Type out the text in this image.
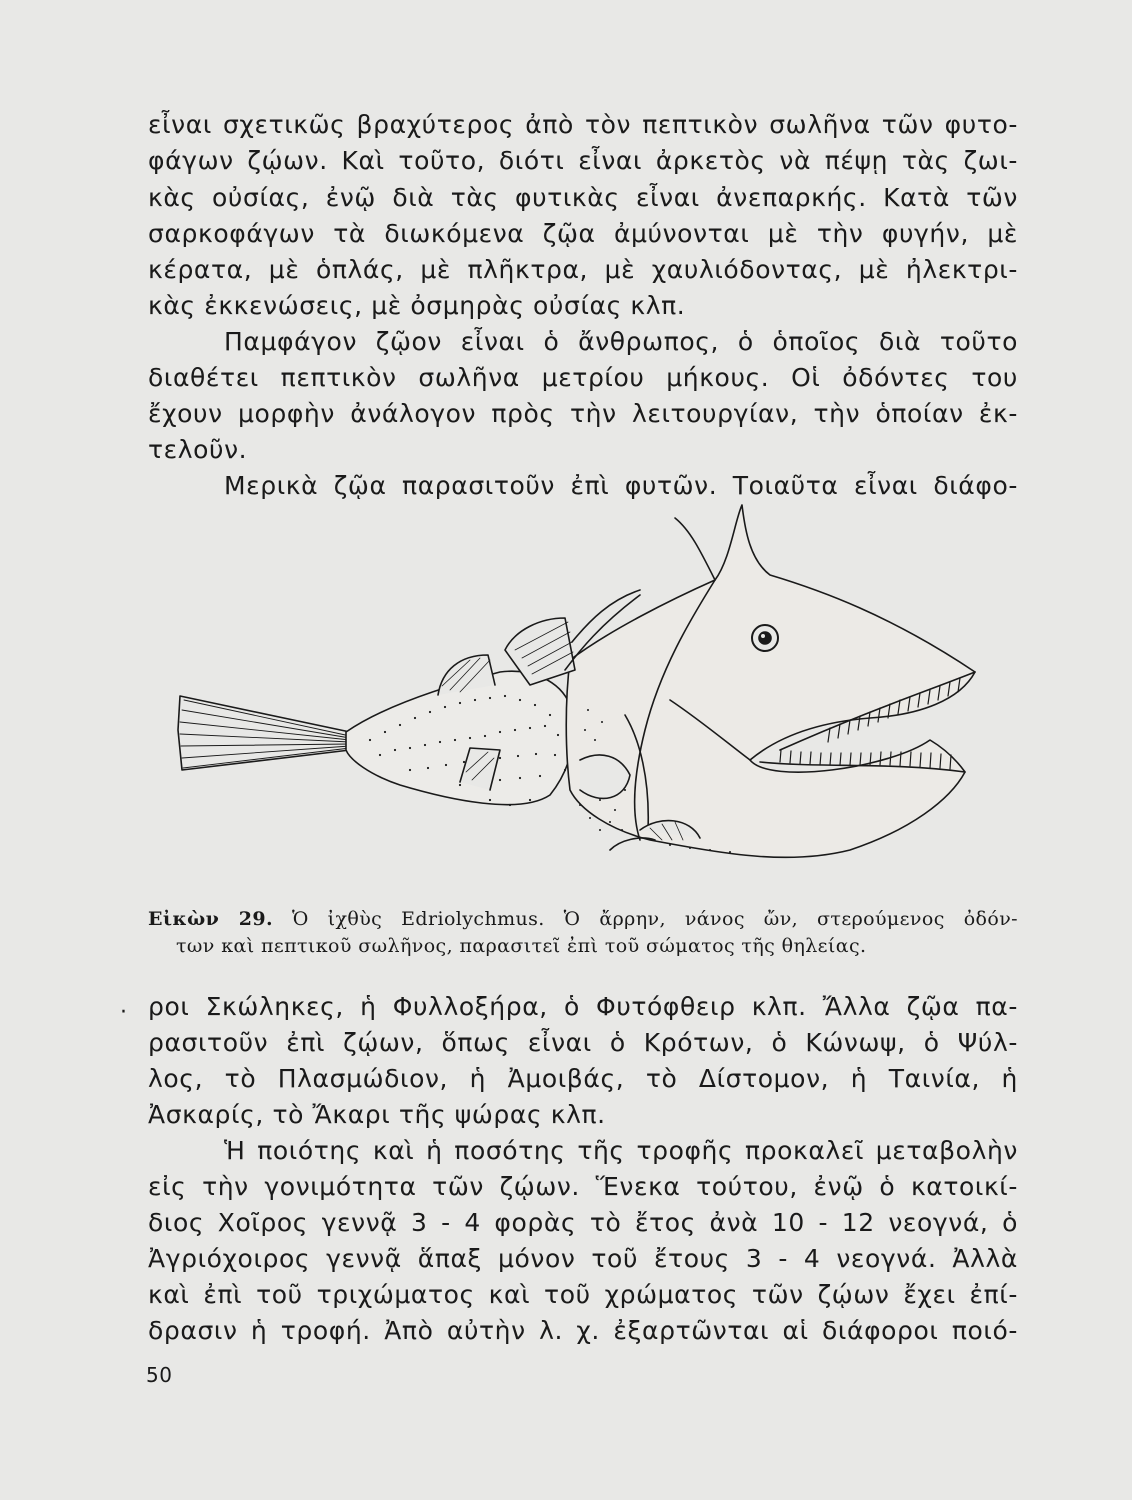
εἶναι σχετικῶς βραχύτερος ἀπὸ τὸν πεπτικὸν σωλῆνα τῶν φυτο-
φάγων ζῴων. Καὶ τοῦτο, διότι εἶναι ἀρκετὸς νὰ πέψῃ τὰς ζωι-
κὰς οὐσίας, ἐνῷ διὰ τὰς φυτικὰς εἶναι ἀνεπαρκής. Κατὰ τῶν
σαρκοφάγων τὰ διωκόμενα ζῷα ἀμύνονται μὲ τὴν φυγήν, μὲ
κέρατα, μὲ ὁπλάς, μὲ πλῆκτρα, μὲ χαυλιόδοντας, μὲ ἠλεκτρι-
κὰς ἐκκενώσεις, μὲ ὀσμηρὰς οὐσίας κλπ.
Παμφάγον ζῷον εἶναι ὁ ἄνθρωπος, ὁ ὁποῖος διὰ τοῦτο
διαθέτει πεπτικὸν σωλῆνα μετρίου μήκους. Οἱ ὀδόντες του
ἔχουν μορφὴν ἀνάλογον πρὸς τὴν λειτουργίαν, τὴν ὁποίαν ἐκ-
τελοῦν.
Μερικὰ ζῷα παρασιτοῦν ἐπὶ φυτῶν. Τοιαῦτα εἶναι διάφο-
Εἰκὼν 29. Ὁ ἰχθὺς Edriolychmus. Ὁ ἄρρην, νάνος ὤν, στερούμενος ὀδόν-
των καὶ πεπτικοῦ σωλῆνος, παρασιτεῖ ἐπὶ τοῦ σώματος τῆς θηλείας.
· ροι Σκώληκες, ἡ Φυλλοξήρα, ὁ Φυτόφθειρ κλπ. Ἄλλα ζῷα πα-
ρασιτοῦν ἐπὶ ζῴων, ὅπως εἶναι ὁ Κρότων, ὁ Κώνωψ, ὁ Ψύλ-
λος, τὸ Πλασμώδιον, ἡ Ἀμοιβάς, τὸ Δίστομον, ἡ Ταινία, ἡ
Ἀσκαρίς, τὸ Ἄκαρι τῆς ψώρας κλπ.
Ἡ ποιότης καὶ ἡ ποσότης τῆς τροφῆς προκαλεῖ μεταβολὴν
εἰς τὴν γονιμότητα τῶν ζῴων. Ἕνεκα τούτου, ἐνῷ ὁ κατοικί-
διος Χοῖρος γεννᾷ 3 - 4 φορὰς τὸ ἔτος ἀνὰ 10 - 12 νεογνά, ὁ
Ἀγριόχοιρος γεννᾷ ἅπαξ μόνον τοῦ ἔτους 3 - 4 νεογνά. Ἀλλὰ
καὶ ἐπὶ τοῦ τριχώματος καὶ τοῦ χρώματος τῶν ζῴων ἔχει ἐπί-
δρασιν ἡ τροφή. Ἀπὸ αὐτὴν λ. χ. ἐξαρτῶνται αἱ διάφοροι ποιό-
50
